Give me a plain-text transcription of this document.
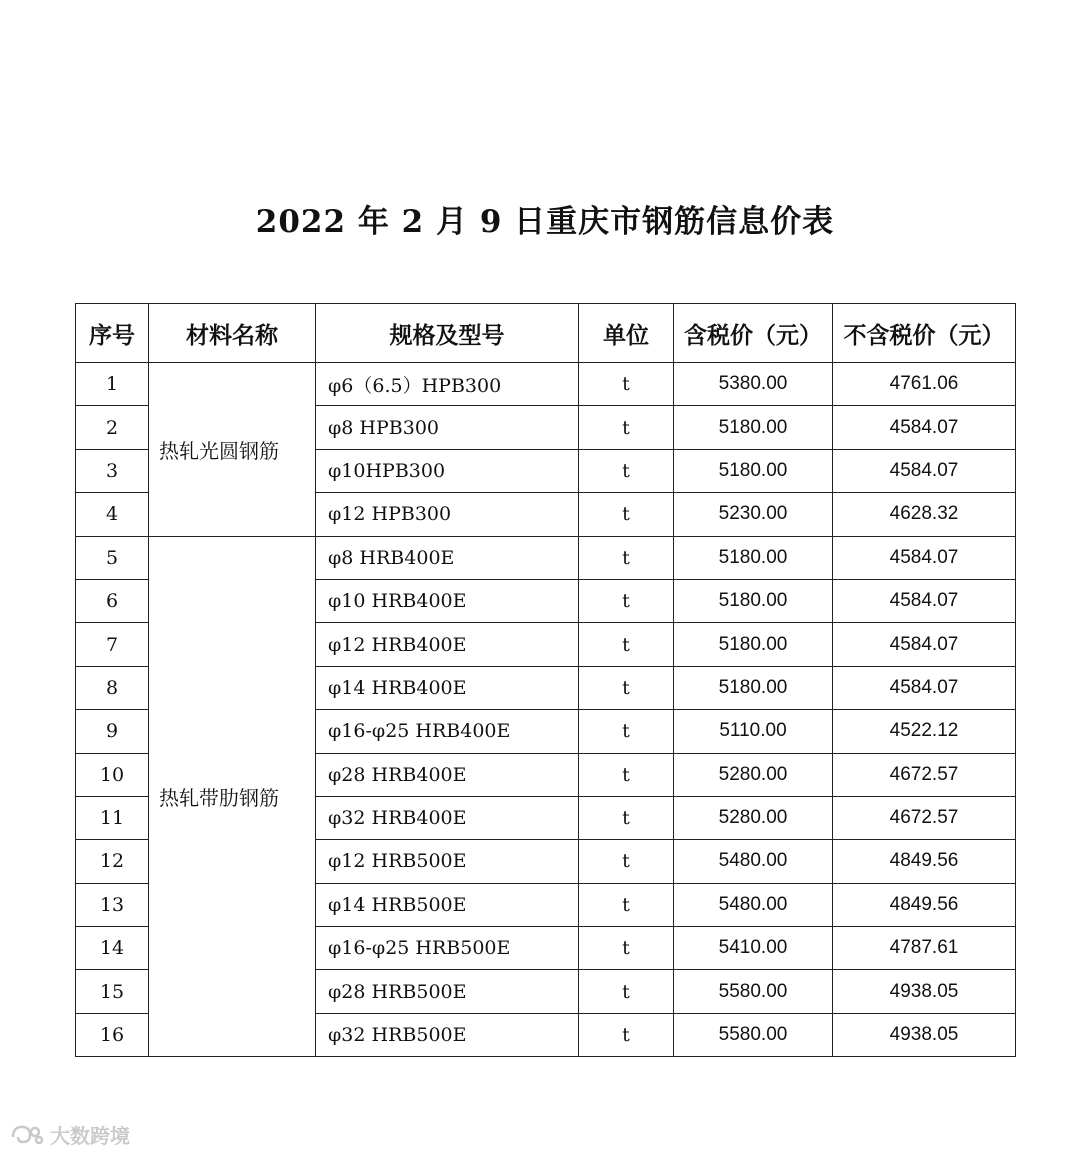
2022 年 2 月 9 日重庆市钢筋信息价表
序号	材料名称	规格及型号	单位	含税价（元）	不含税价（元）
1	热轧光圆钢筋	φ6（6.5）HPB300	t	5380.00	4761.06
2		φ8 HPB300	t	5180.00	4584.07
3		φ10HPB300	t	5180.00	4584.07
4		φ12 HPB300	t	5230.00	4628.32
5	热轧带肋钢筋	φ8 HRB400E	t	5180.00	4584.07
6		φ10 HRB400E	t	5180.00	4584.07
7		φ12 HRB400E	t	5180.00	4584.07
8		φ14 HRB400E	t	5180.00	4584.07
9		φ16-φ25 HRB400E	t	5110.00	4522.12
10		φ28 HRB400E	t	5280.00	4672.57
11		φ32 HRB400E	t	5280.00	4672.57
12		φ12 HRB500E	t	5480.00	4849.56
13		φ14 HRB500E	t	5480.00	4849.56
14		φ16-φ25 HRB500E	t	5410.00	4787.61
15		φ28 HRB500E	t	5580.00	4938.05
16		φ32 HRB500E	t	5580.00	4938.05
大数跨境
